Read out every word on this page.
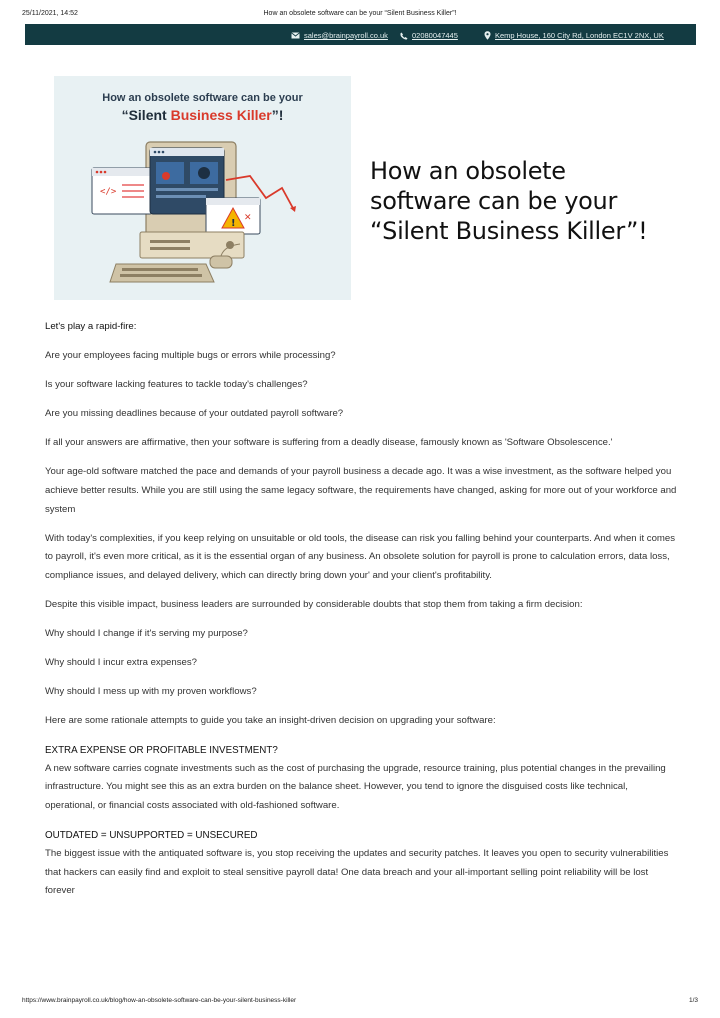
25/11/2021, 14:52	How an obsolete software can be your “Silent Business Killer”!
sales@brainpayroll.co.uk	02080047445	Kemp House, 160 City Rd, London EC1V 2NX, UK
How an obsolete software can be your
“Silent Business Killer”!
</>
!
✕
How an obsolete software can be your “Silent Business Killer”!

Let's play a rapid-fire:

Are your employees facing multiple bugs or errors while processing?

Is your software lacking features to tackle today's challenges?

Are you missing deadlines because of your outdated payroll software?

If all your answers are affirmative, then your software is suffering from a deadly disease, famously known as 'Software Obsolescence.'

Your age-old software matched the pace and demands of your payroll business a decade ago. It was a wise investment, as the software helped you achieve better results. While you are still using the same legacy software, the requirements have changed, asking for more out of your workforce and system

With today's complexities, if you keep relying on unsuitable or old tools, the disease can risk you falling behind your counterparts. And when it comes to payroll, it's even more critical, as it is the essential organ of any business. An obsolete solution for payroll is prone to calculation errors, data loss, compliance issues, and delayed delivery, which can directly bring down your' and your client's profitability.

Despite this visible impact, business leaders are surrounded by considerable doubts that stop them from taking a firm decision:

Why should I change if it's serving my purpose?

Why should I incur extra expenses?

Why should I mess up with my proven workflows?

Here are some rationale attempts to guide you take an insight-driven decision on upgrading your software:

EXTRA EXPENSE OR PROFITABLE INVESTMENT?

A new software carries cognate investments such as the cost of purchasing the upgrade, resource training, plus potential changes in the prevailing infrastructure. You might see this as an extra burden on the balance sheet. However, you tend to ignore the disguised costs like technical, operational, or financial costs associated with old-fashioned software.

OUTDATED = UNSUPPORTED = UNSECURED

The biggest issue with the antiquated software is, you stop receiving the updates and security patches. It leaves you open to security vulnerabilities that hackers can easily find and exploit to steal sensitive payroll data! One data breach and your all-important selling point reliability will be lost forever

https://www.brainpayroll.co.uk/blog/how-an-obsolete-software-can-be-your-silent-business-killer	1/3
